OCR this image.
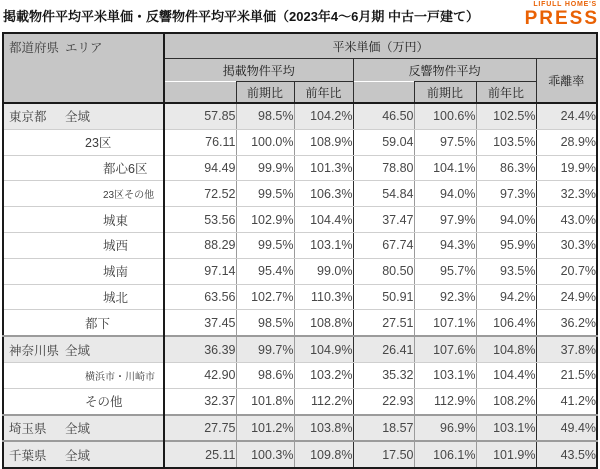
掲載物件平均平米単価・反響物件平均平米単価（2023年4〜6月期 中古一戸建て）
LIFULL HOME'S
PRESS
都道府県 エリア	平米単価（万円）						
	掲載物件平均			反響物件平均			乖離率
		前期比	前年比		前期比	前年比	
東京都 全域	57.85	98.5%	104.2%	46.50	100.6%	102.5%	24.4%
23区	76.11	100.0%	108.9%	59.04	97.5%	103.5%	28.9%
都心6区	94.49	99.9%	101.3%	78.80	104.1%	86.3%	19.9%
23区その他	72.52	99.5%	106.3%	54.84	94.0%	97.3%	32.3%
城東	53.56	102.9%	104.4%	37.47	97.9%	94.0%	43.0%
城西	88.29	99.5%	103.1%	67.74	94.3%	95.9%	30.3%
城南	97.14	95.4%	99.0%	80.50	95.7%	93.5%	20.7%
城北	63.56	102.7%	110.3%	50.91	92.3%	94.2%	24.9%
都下	37.45	98.5%	108.8%	27.51	107.1%	106.4%	36.2%
神奈川県 全域	36.39	99.7%	104.9%	26.41	107.6%	104.8%	37.8%
横浜市・川崎市	42.90	98.6%	103.2%	35.32	103.1%	104.4%	21.5%
その他	32.37	101.8%	112.2%	22.93	112.9%	108.2%	41.2%
埼玉県 全域	27.75	101.2%	103.8%	18.57	96.9%	103.1%	49.4%
千葉県 全域	25.11	100.3%	109.8%	17.50	106.1%	101.9%	43.5%
